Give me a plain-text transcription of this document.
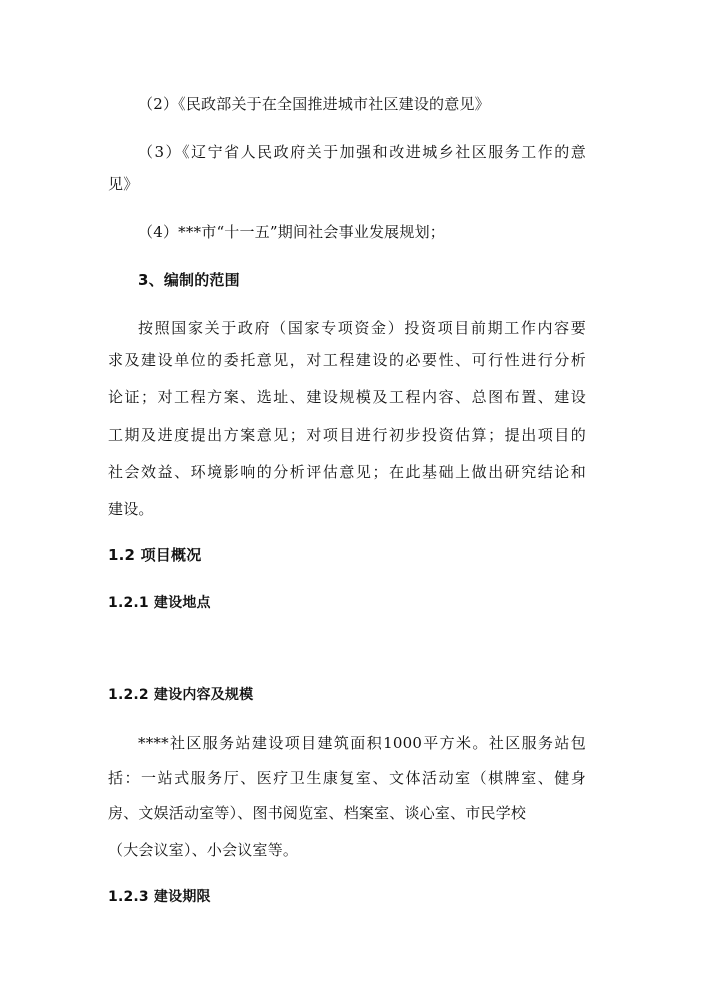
（2）《民政部关于在全国推进城市社区建设的意见》
（3）《辽宁省人民政府关于加强和改进城乡社区服务工作的意
见》
（4）***市“十一五”期间社会事业发展规划；
3、编制的范围
按照国家关于政府（国家专项资金）投资项目前期工作内容要
求及建设单位的委托意见，对工程建设的必要性、可行性进行分析
论证；对工程方案、选址、建设规模及工程内容、总图布置、建设
工期及进度提出方案意见；对项目进行初步投资估算；提出项目的
社会效益、环境影响的分析评估意见；在此基础上做出研究结论和
建设。
1.2 项目概况
1.2.1 建设地点
1.2.2 建设内容及规模
****社区服务站建设项目建筑面积1000平方米。社区服务站包
括：一站式服务厅、医疗卫生康复室、文体活动室（棋牌室、健身
房、文娱活动室等）、图书阅览室、档案室、谈心室、市民学校
（大会议室）、小会议室等。
1.2.3 建设期限
